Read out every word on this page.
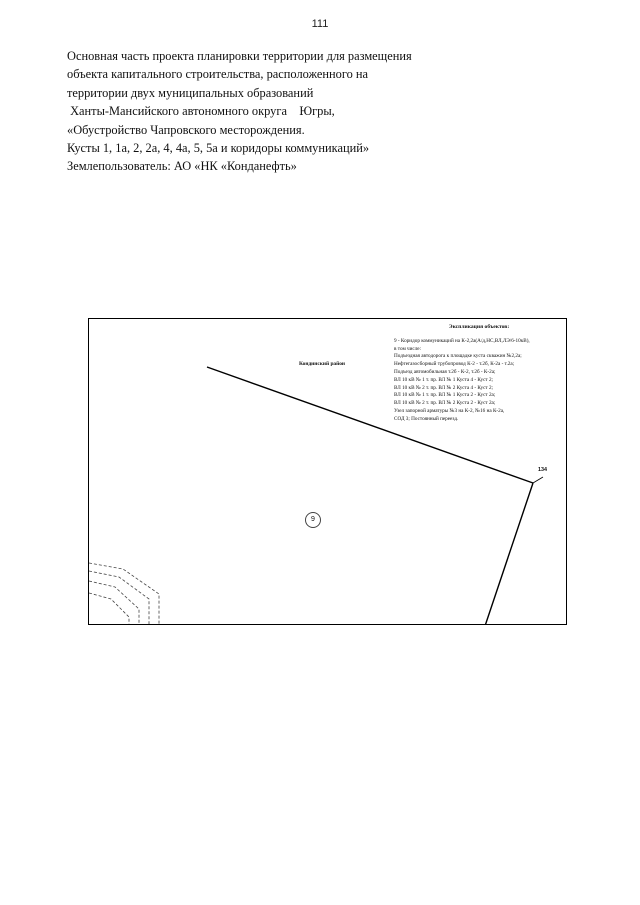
111
Основная часть проекта планировки территории для размещения
объекта капитального строительства, расположенного на
территории двух муниципальных образований
Ханты-Мансийского автономного округа    Югры,
«Обустройство Чапровского месторождения.
Кусты 1, 1а, 2, 2а, 4, 4а, 5, 5а и коридоры коммуникаций»
Землепользователь: АО «НК «Конданефть»
Кондинский район
134
9
Экспликация объектов:
9 - Коридор коммуникаций на К-2,2а(А/д,НС,ВЛ,ЛЭ/6-10кВ),
в том числе:
Подъездная автодорога к площадке куста скважин №2,2а;
Нефтегазосборный трубопровод К-2 - т.2б, К-2а - т.2а;
Подъезд автомобильная т.2б - К-2, т.2б - К-2а;
ВЛ 10 кВ № 1 т. пр. ВЛ № 1 Куста 4 - Куст 2;
ВЛ 10 кВ № 2 т. пр. ВЛ № 2 Куста 4 - Куст 2;
ВЛ 10 кВ № 1 т. пр. ВЛ № 1 Куста 2 - Куст 2а;
ВЛ 10 кВ № 2 т. пр. ВЛ № 2 Куста 2 - Куст 2а;
Узел запорной арматуры №3 на К-2, №16 на К-2а,
СОД 3; Постоянный переезд.
